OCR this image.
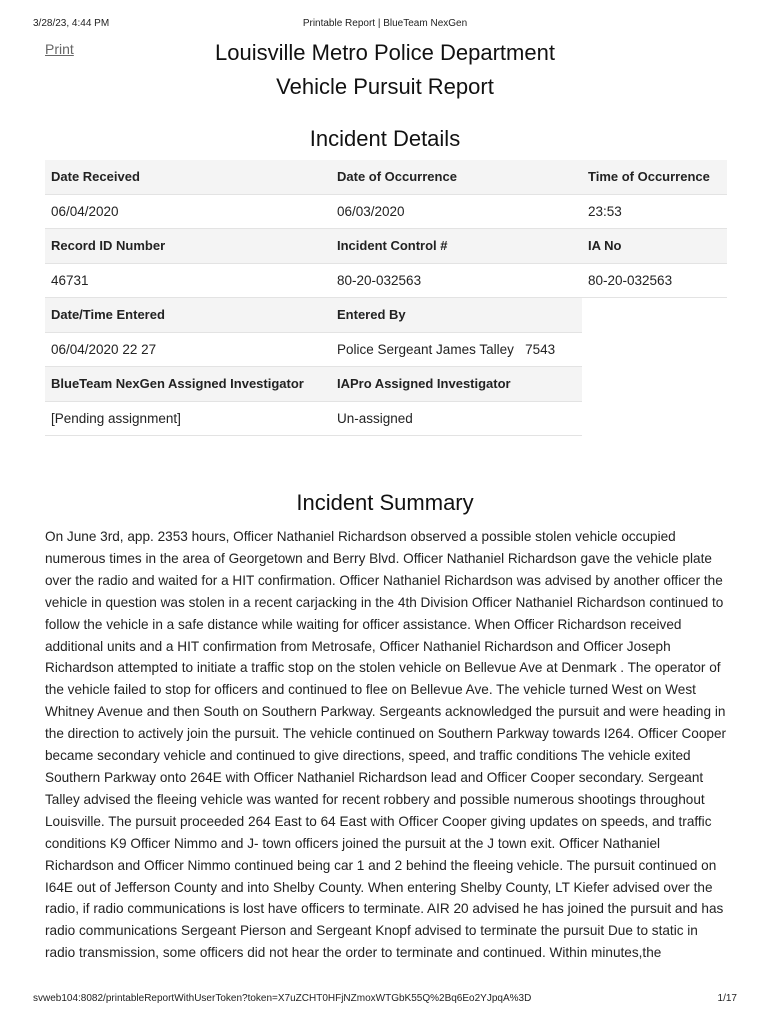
3/28/23, 4:44 PM	Printable Report | BlueTeam NexGen
Print	Louisville Metro Police Department
Vehicle Pursuit Report
Incident Details
Date Received	Date of Occurrence	Time of Occurrence
06/04/2020	06/03/2020	23:53
Record ID Number	Incident Control #	IA No
46731	80-20-032563	80-20-032563
Date/Time Entered	Entered By
06/04/2020 22 27	Police Sergeant James Talley   7543
BlueTeam NexGen Assigned Investigator	IAPro Assigned Investigator
[Pending assignment]	Un-assigned
Incident Summary
On June 3rd, app. 2353 hours, Officer Nathaniel Richardson observed a possible stolen vehicle occupied numerous times in the area of Georgetown and Berry Blvd. Officer Nathaniel Richardson gave the vehicle plate over the radio and waited for a HIT confirmation. Officer Nathaniel Richardson was advised by another officer the vehicle in question was stolen in a recent carjacking in the 4th Division Officer Nathaniel Richardson continued to follow the vehicle in a safe distance while waiting for officer assistance. When Officer Richardson received additional units and a HIT confirmation from Metrosafe, Officer Nathaniel Richardson and Officer Joseph Richardson attempted to initiate a traffic stop on the stolen vehicle on Bellevue Ave at Denmark . The operator of the vehicle failed to stop for officers and continued to flee on Bellevue Ave. The vehicle turned West on West Whitney Avenue and then South on Southern Parkway. Sergeants acknowledged the pursuit and were heading in the direction to actively join the pursuit. The vehicle continued on Southern Parkway towards I264. Officer Cooper became secondary vehicle and continued to give directions, speed, and traffic conditions The vehicle exited Southern Parkway onto 264E with Officer Nathaniel Richardson lead and Officer Cooper secondary. Sergeant Talley advised the fleeing vehicle was wanted for recent robbery and possible numerous shootings throughout Louisville. The pursuit proceeded 264 East to 64 East with Officer Cooper giving updates on speeds, and traffic conditions K9 Officer Nimmo and J- town officers joined the pursuit at the J town exit. Officer Nathaniel Richardson and Officer Nimmo continued being car 1 and 2 behind the fleeing vehicle. The pursuit continued on I64E out of Jefferson County and into Shelby County. When entering Shelby County, LT Kiefer advised over the radio, if radio communications is lost have officers to terminate. AIR 20 advised he has joined the pursuit and has radio communications Sergeant Pierson and Sergeant Knopf advised to terminate the pursuit Due to static in radio transmission, some officers did not hear the order to terminate and continued. Within minutes,the
svweb104:8082/printableReportWithUserToken?token=X7uZCHT0HFjNZmoxWTGbK55Q%2Bq6Eo2YJpqA%3D	1/17
